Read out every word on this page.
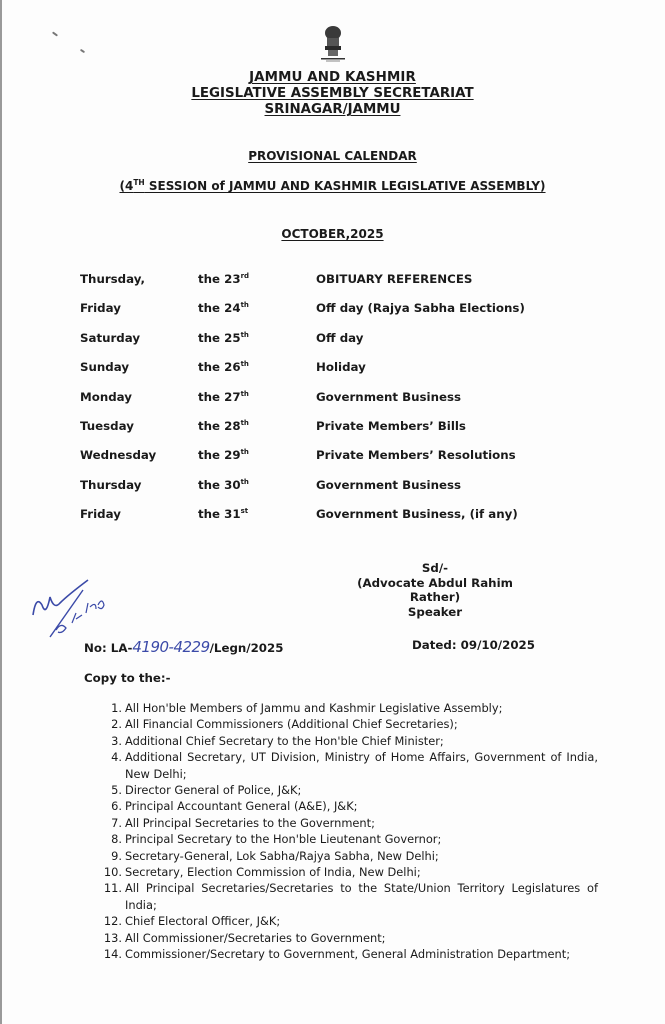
JAMMU AND KASHMIR
LEGISLATIVE ASSEMBLY SECRETARIAT
SRINAGAR/JAMMU
PROVISIONAL CALENDAR
(4TH SESSION of JAMMU AND KASHMIR LEGISLATIVE ASSEMBLY)
OCTOBER,2025
Thursday,	the 23rd	OBITUARY REFERENCES
Friday	the 24th	Off day (Rajya Sabha Elections)
Saturday	the 25th	Off day
Sunday	the 26th	Holiday
Monday	the 27th	Government Business
Tuesday	the 28th	Private Members’ Bills
Wednesday	the 29th	Private Members’ Resolutions
Thursday	the 30th	Government Business
Friday	the 31st	Government Business, (if any)
Sd/-
(Advocate Abdul Rahim Rather)
Speaker
No: LA-4190-4229/Legn/2025	Dated: 09/10/2025
Copy to the:-
1. All Hon'ble Members of Jammu and Kashmir Legislative Assembly;
2. All Financial Commissioners (Additional Chief Secretaries);
3. Additional Chief Secretary to the Hon'ble Chief Minister;
4. Additional Secretary, UT Division, Ministry of Home Affairs, Government of India, New Delhi;
5. Director General of Police, J&K;
6. Principal Accountant General (A&E), J&K;
7. All Principal Secretaries to the Government;
8. Principal Secretary to the Hon'ble Lieutenant Governor;
9. Secretary-General, Lok Sabha/Rajya Sabha, New Delhi;
10. Secretary, Election Commission of India, New Delhi;
11. All Principal Secretaries/Secretaries to the State/Union Territory Legislatures of India;
12. Chief Electoral Officer, J&K;
13. All Commissioner/Secretaries to Government;
14. Commissioner/Secretary to Government, General Administration Department;
